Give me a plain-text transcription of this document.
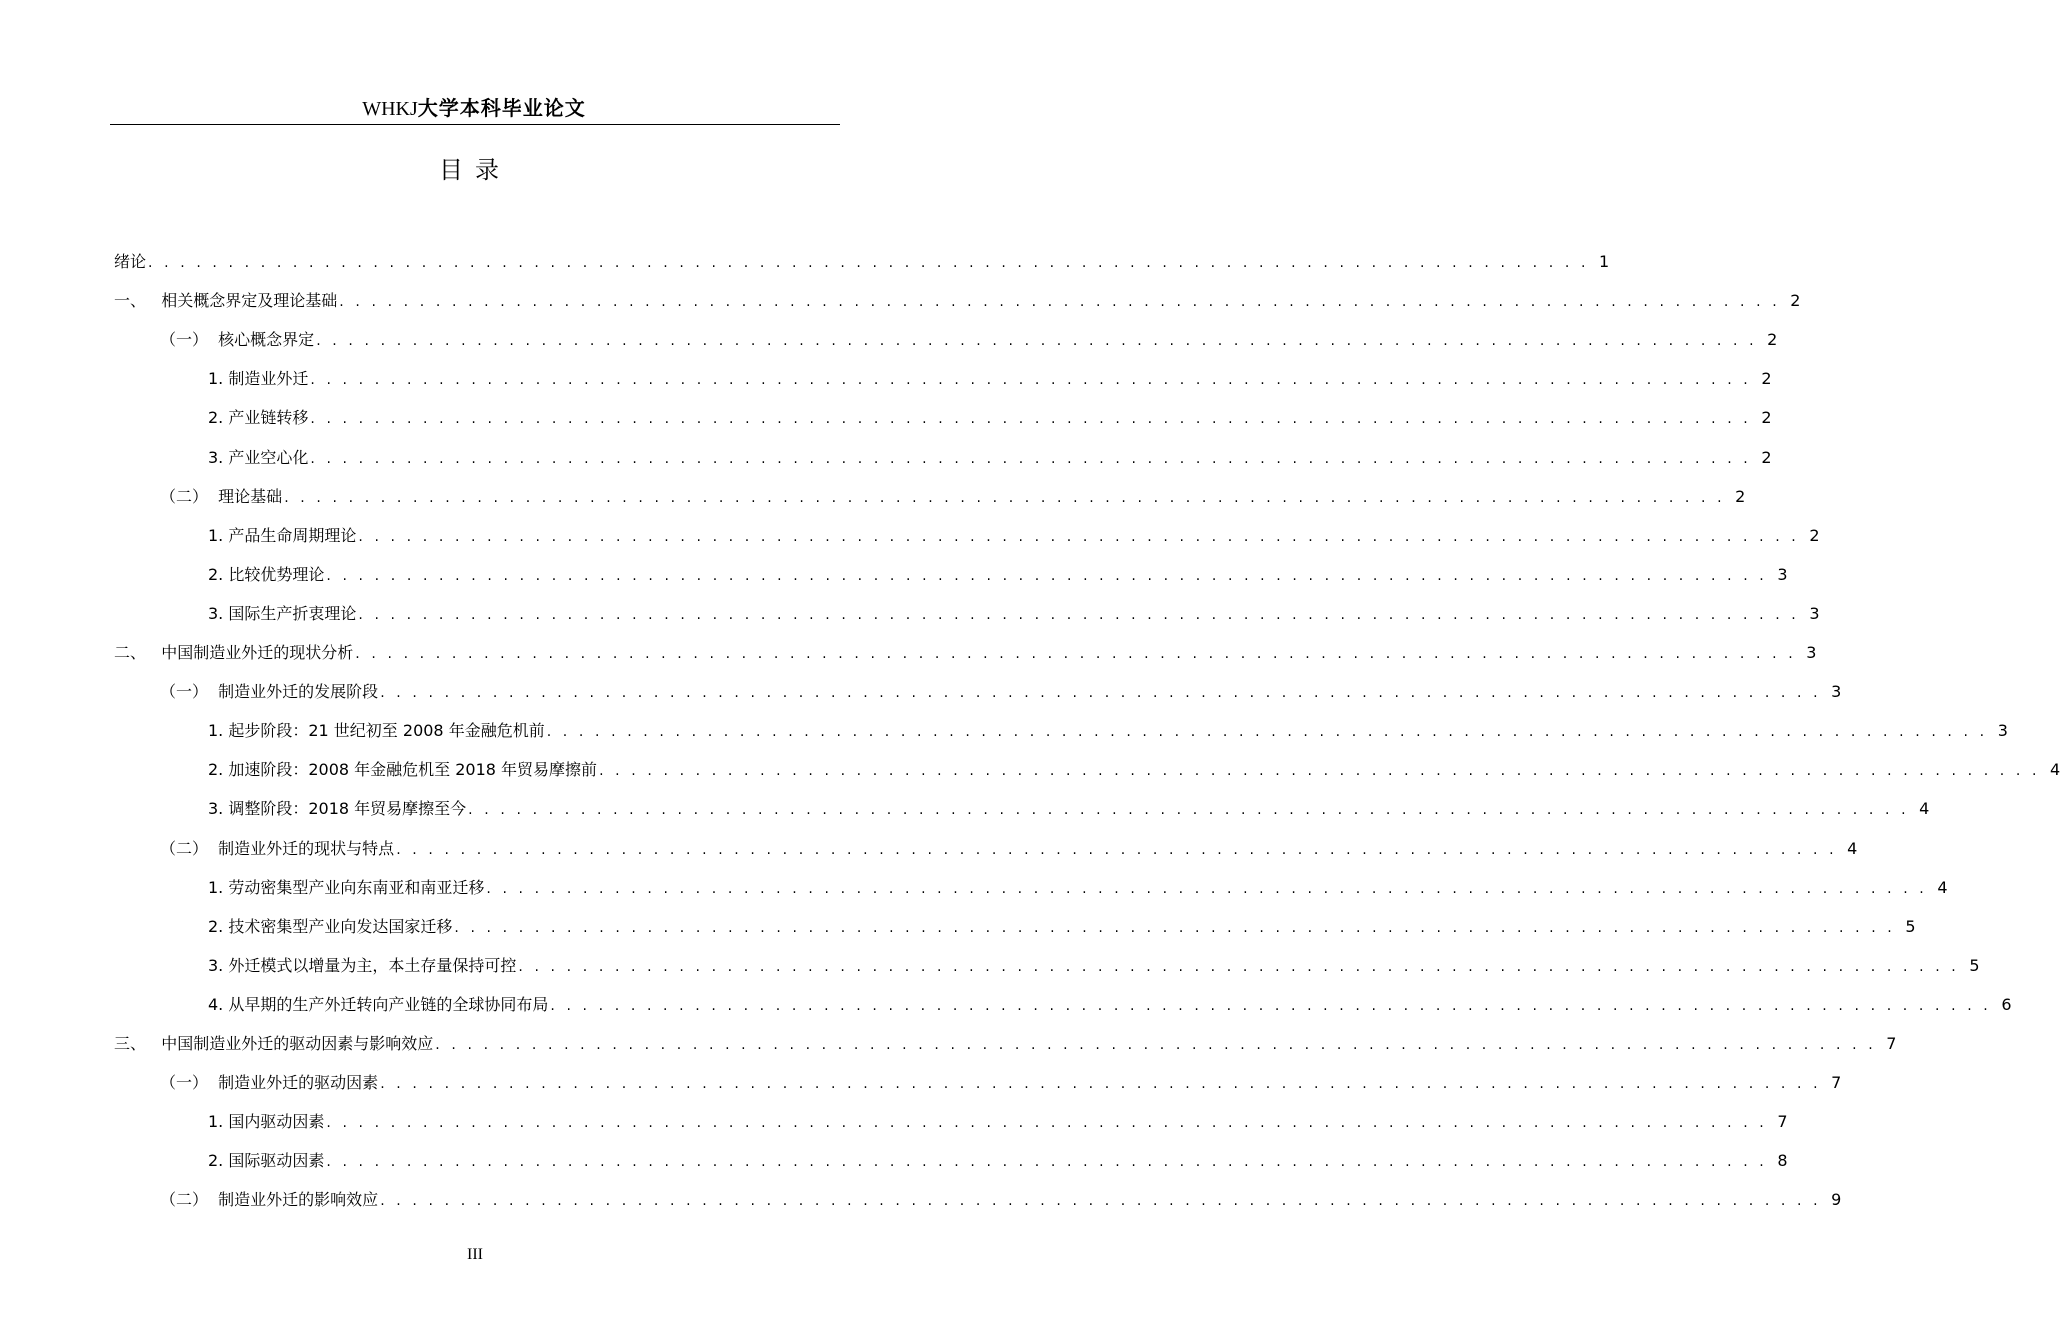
WHKJ大学本科毕业论文
目录
绪论 . . . . . . . . . . . . . . . . . . . . . . . . . . . . . . . . . . . . . . . . . . . . . . . . . . . . . . . . . . . . . . . . . . . . . . . . . . . . . . . . . . . . . . . . . . 1
一、   相关概念界定及理论基础 . . . . . . . . . . . . . . . . . . . . . . . . . . . . . . . . . . . . . . . . . . . . . . . . . . . . . . . . . . . . . . . . . . . . . . . . . . . . . . . . . . . . . . . . . . 2
（一）  核心概念界定 . . . . . . . . . . . . . . . . . . . . . . . . . . . . . . . . . . . . . . . . . . . . . . . . . . . . . . . . . . . . . . . . . . . . . . . . . . . . . . . . . . . . . . . . . . 2
1. 制造业外迁 . . . . . . . . . . . . . . . . . . . . . . . . . . . . . . . . . . . . . . . . . . . . . . . . . . . . . . . . . . . . . . . . . . . . . . . . . . . . . . . . . . . . . . . . . . 2
2. 产业链转移 . . . . . . . . . . . . . . . . . . . . . . . . . . . . . . . . . . . . . . . . . . . . . . . . . . . . . . . . . . . . . . . . . . . . . . . . . . . . . . . . . . . . . . . . . . 2
3. 产业空心化 . . . . . . . . . . . . . . . . . . . . . . . . . . . . . . . . . . . . . . . . . . . . . . . . . . . . . . . . . . . . . . . . . . . . . . . . . . . . . . . . . . . . . . . . . . 2
（二）  理论基础 . . . . . . . . . . . . . . . . . . . . . . . . . . . . . . . . . . . . . . . . . . . . . . . . . . . . . . . . . . . . . . . . . . . . . . . . . . . . . . . . . . . . . . . . . . 2
1. 产品生命周期理论 . . . . . . . . . . . . . . . . . . . . . . . . . . . . . . . . . . . . . . . . . . . . . . . . . . . . . . . . . . . . . . . . . . . . . . . . . . . . . . . . . . . . . . . . . . 2
2. 比较优势理论 . . . . . . . . . . . . . . . . . . . . . . . . . . . . . . . . . . . . . . . . . . . . . . . . . . . . . . . . . . . . . . . . . . . . . . . . . . . . . . . . . . . . . . . . . . 3
3. 国际生产折衷理论 . . . . . . . . . . . . . . . . . . . . . . . . . . . . . . . . . . . . . . . . . . . . . . . . . . . . . . . . . . . . . . . . . . . . . . . . . . . . . . . . . . . . . . . . . . 3
二、   中国制造业外迁的现状分析 . . . . . . . . . . . . . . . . . . . . . . . . . . . . . . . . . . . . . . . . . . . . . . . . . . . . . . . . . . . . . . . . . . . . . . . . . . . . . . . . . . . . . . . . . . 3
（一）  制造业外迁的发展阶段 . . . . . . . . . . . . . . . . . . . . . . . . . . . . . . . . . . . . . . . . . . . . . . . . . . . . . . . . . . . . . . . . . . . . . . . . . . . . . . . . . . . . . . . . . . 3
1. 起步阶段：21 世纪初至 2008 年金融危机前 . . . . . . . . . . . . . . . . . . . . . . . . . . . . . . . . . . . . . . . . . . . . . . . . . . . . . . . . . . . . . . . . . . . . . . . . . . . . . . . . . . . . . . . . . . 3
2. 加速阶段：2008 年金融危机至 2018 年贸易摩擦前 . . . . . . . . . . . . . . . . . . . . . . . . . . . . . . . . . . . . . . . . . . . . . . . . . . . . . . . . . . . . . . . . . . . . . . . . . . . . . . . . . . . . . . . . . . 4
3. 调整阶段：2018 年贸易摩擦至今 . . . . . . . . . . . . . . . . . . . . . . . . . . . . . . . . . . . . . . . . . . . . . . . . . . . . . . . . . . . . . . . . . . . . . . . . . . . . . . . . . . . . . . . . . . 4
（二）  制造业外迁的现状与特点 . . . . . . . . . . . . . . . . . . . . . . . . . . . . . . . . . . . . . . . . . . . . . . . . . . . . . . . . . . . . . . . . . . . . . . . . . . . . . . . . . . . . . . . . . . 4
1. 劳动密集型产业向东南亚和南亚迁移 . . . . . . . . . . . . . . . . . . . . . . . . . . . . . . . . . . . . . . . . . . . . . . . . . . . . . . . . . . . . . . . . . . . . . . . . . . . . . . . . . . . . . . . . . . 4
2. 技术密集型产业向发达国家迁移 . . . . . . . . . . . . . . . . . . . . . . . . . . . . . . . . . . . . . . . . . . . . . . . . . . . . . . . . . . . . . . . . . . . . . . . . . . . . . . . . . . . . . . . . . . 5
3. 外迁模式以增量为主，本土存量保持可控 . . . . . . . . . . . . . . . . . . . . . . . . . . . . . . . . . . . . . . . . . . . . . . . . . . . . . . . . . . . . . . . . . . . . . . . . . . . . . . . . . . . . . . . . . . 5
4. 从早期的生产外迁转向产业链的全球协同布局 . . . . . . . . . . . . . . . . . . . . . . . . . . . . . . . . . . . . . . . . . . . . . . . . . . . . . . . . . . . . . . . . . . . . . . . . . . . . . . . . . . . . . . . . . . 6
三、   中国制造业外迁的驱动因素与影响效应 . . . . . . . . . . . . . . . . . . . . . . . . . . . . . . . . . . . . . . . . . . . . . . . . . . . . . . . . . . . . . . . . . . . . . . . . . . . . . . . . . . . . . . . . . . 7
（一）  制造业外迁的驱动因素 . . . . . . . . . . . . . . . . . . . . . . . . . . . . . . . . . . . . . . . . . . . . . . . . . . . . . . . . . . . . . . . . . . . . . . . . . . . . . . . . . . . . . . . . . . 7
1. 国内驱动因素 . . . . . . . . . . . . . . . . . . . . . . . . . . . . . . . . . . . . . . . . . . . . . . . . . . . . . . . . . . . . . . . . . . . . . . . . . . . . . . . . . . . . . . . . . . 7
2. 国际驱动因素 . . . . . . . . . . . . . . . . . . . . . . . . . . . . . . . . . . . . . . . . . . . . . . . . . . . . . . . . . . . . . . . . . . . . . . . . . . . . . . . . . . . . . . . . . . 8
（二）  制造业外迁的影响效应 . . . . . . . . . . . . . . . . . . . . . . . . . . . . . . . . . . . . . . . . . . . . . . . . . . . . . . . . . . . . . . . . . . . . . . . . . . . . . . . . . . . . . . . . . . 9
III
